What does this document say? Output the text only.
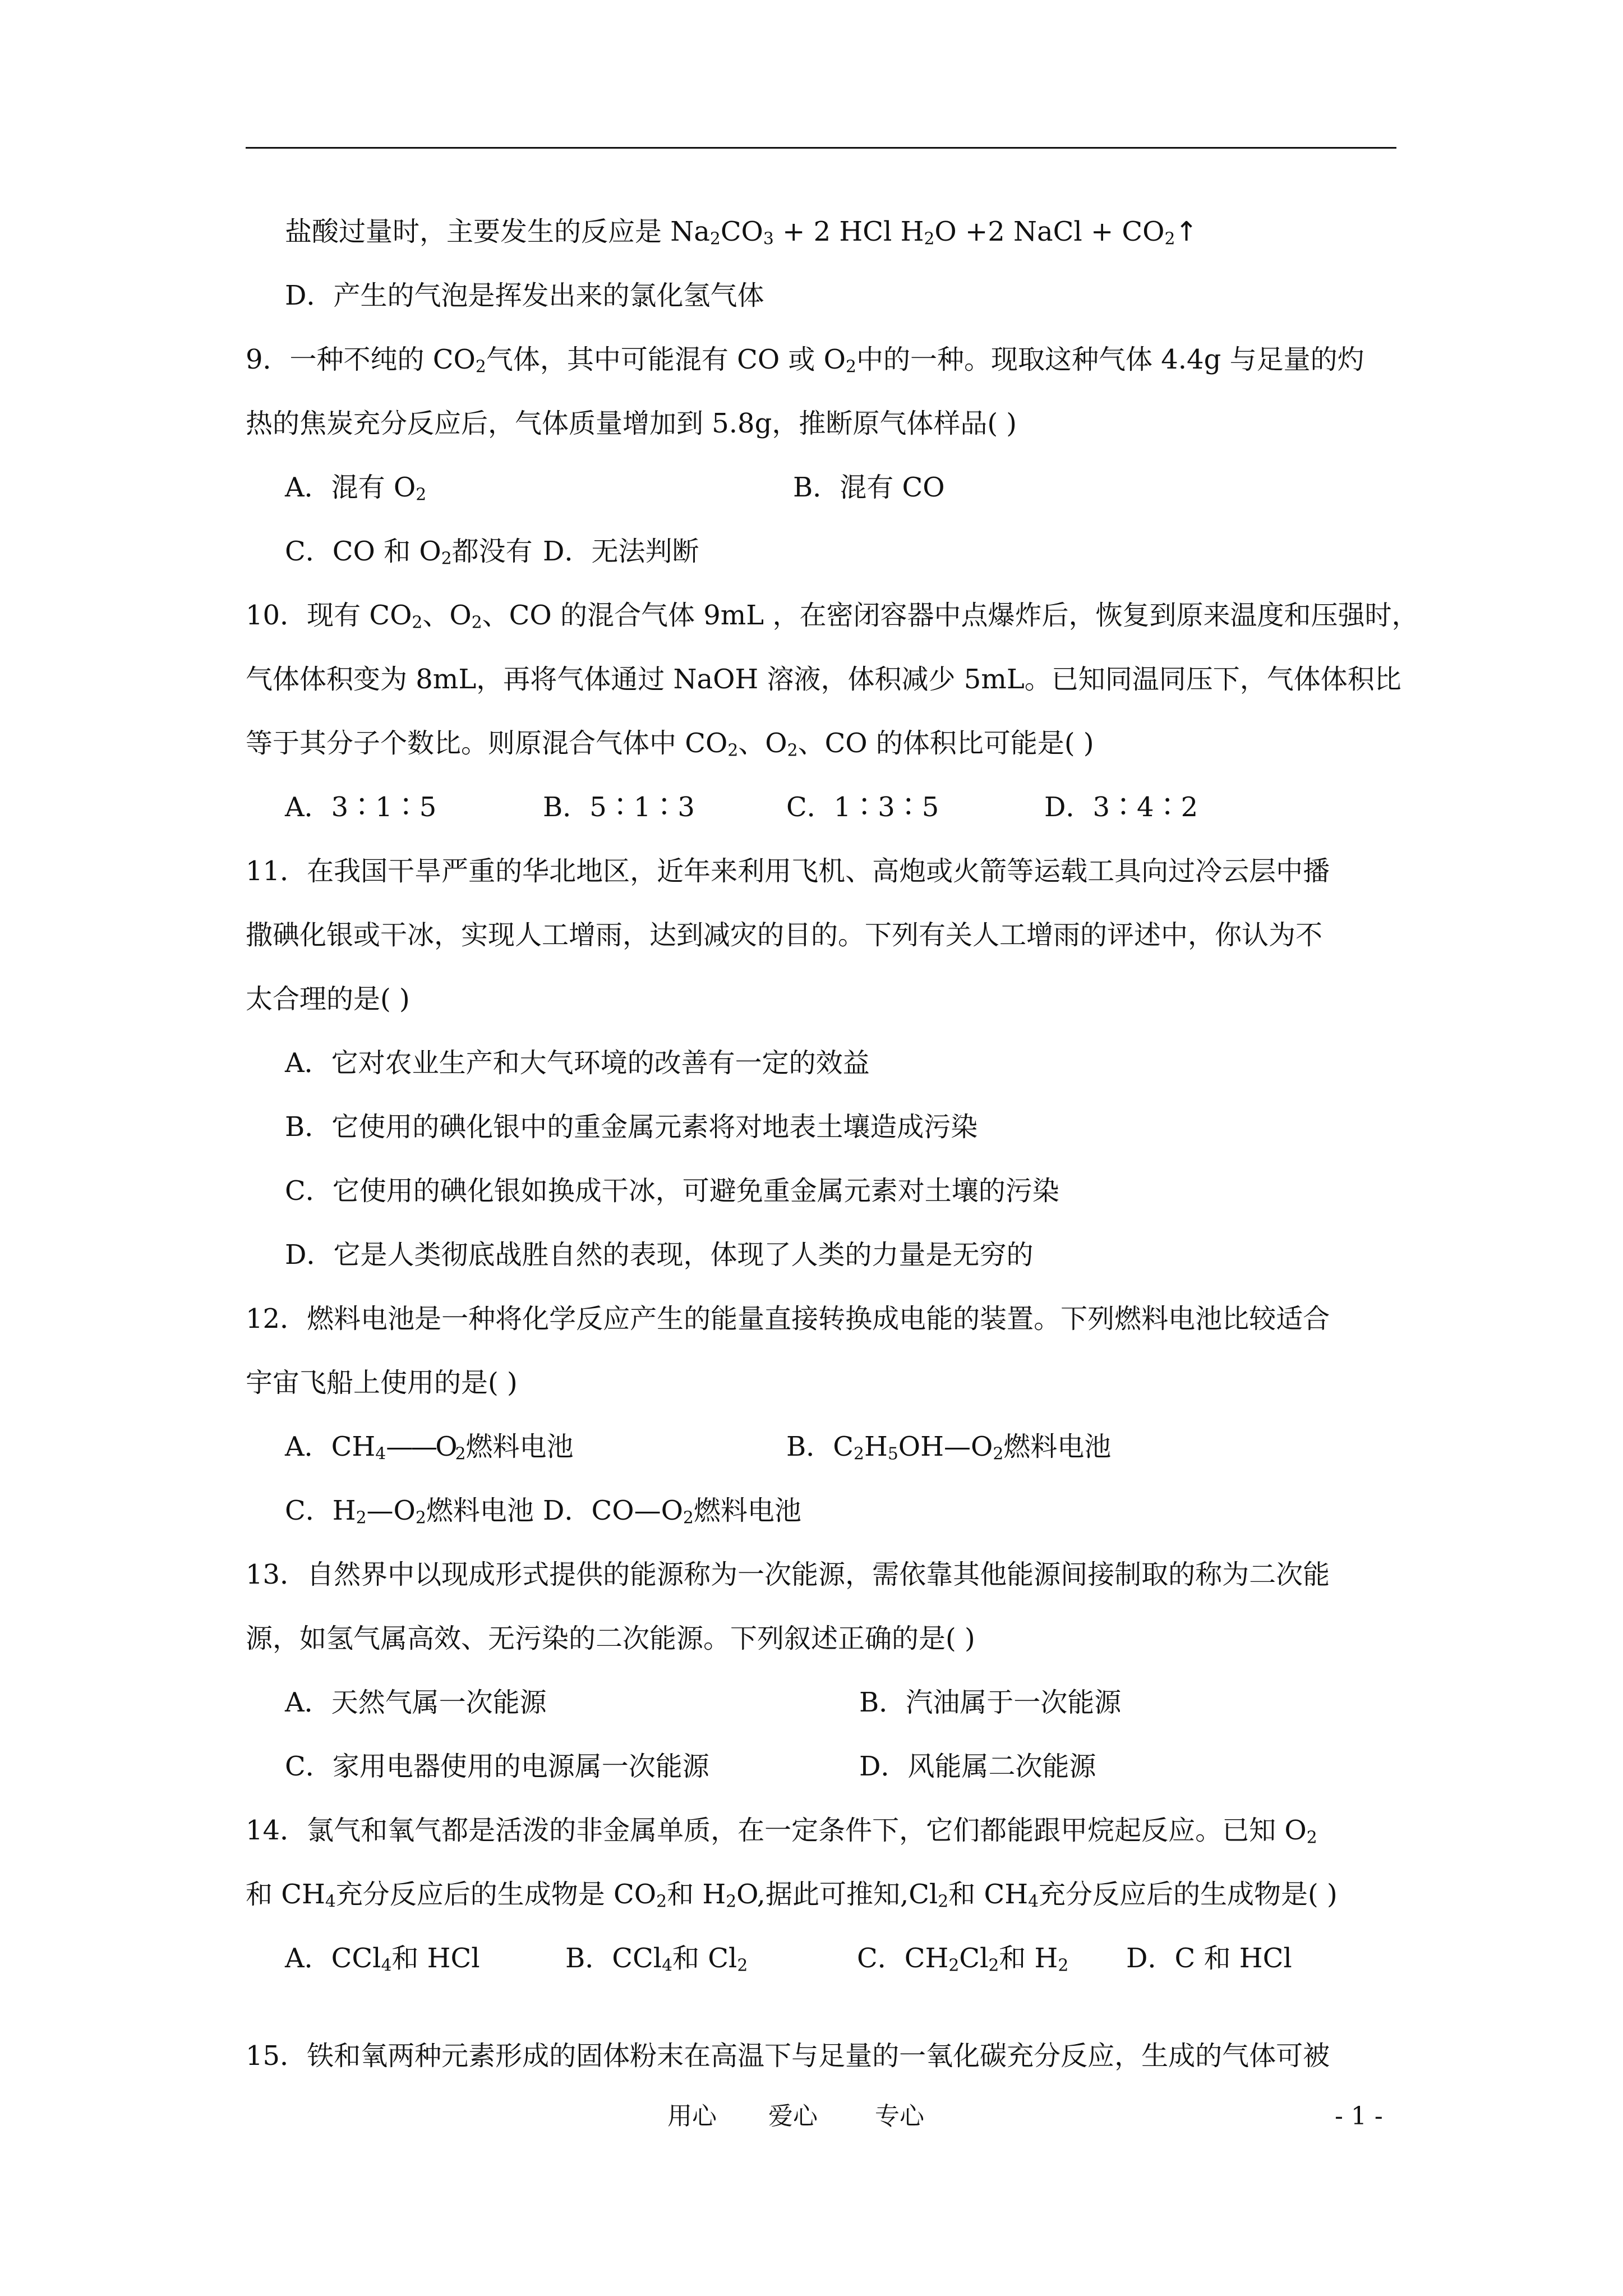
盐酸过量时，主要发生的反应是 $Na_2CO_3 + 2$ HCl $H_2O +2$ NaCl + $CO_2↑$
D．产生的气泡是挥发出来的氯化氢气体
9．一种不纯的 $CO_2$气体，其中可能混有 CO 或 $O_2$中的一种。现取这种气体 4.4g 与足量的灼
热的焦炭充分反应后，气体质量增加到 5.8g，推断原气体样品( )
A．混有 $O_2$	B．混有 CO
C．CO 和 $O_2$都没有 D．无法判断
10．现有 $CO_2$、$O_2$、CO 的混合气体 9mL ，在密闭容器中点爆炸后，恢复到原来温度和压强时，
气体体积变为 8mL，再将气体通过 NaOH 溶液，体积减少 5mL。已知同温同压下，气体体积比
等于其分子个数比。则原混合气体中 $CO_2$、$O_2$、CO 的体积比可能是( )
A．3∶1∶5	B．5∶1∶3	C．1∶3∶5	D．3∶4∶2
11．在我国干旱严重的华北地区，近年来利用飞机、高炮或火箭等运载工具向过冷云层中播
撒碘化银或干冰，实现人工增雨，达到减灾的目的。下列有关人工增雨的评述中，你认为不
太合理的是( )
A．它对农业生产和大气环境的改善有一定的效益
B．它使用的碘化银中的重金属元素将对地表土壤造成污染
C．它使用的碘化银如换成干冰，可避免重金属元素对土壤的污染
D．它是人类彻底战胜自然的表现，体现了人类的力量是无穷的
12．燃料电池是一种将化学反应产生的能量直接转换成电能的装置。下列燃料电池比较适合
宇宙飞船上使用的是( )
A．$CH_4——O_2$燃料电池	B．$C_2H_5OH—O_2$燃料电池
C．$H_2—O_2$燃料电池 D．$CO—O_2$燃料电池
13．自然界中以现成形式提供的能源称为一次能源，需依靠其他能源间接制取的称为二次能
源，如氢气属高效、无污染的二次能源。下列叙述正确的是( )
A．天然气属一次能源	B．汽油属于一次能源
C．家用电器使用的电源属一次能源	D．风能属二次能源
14．氯气和氧气都是活泼的非金属单质，在一定条件下，它们都能跟甲烷起反应。已知 $O_2$
和 $CH_4$充分反应后的生成物是 $CO_2$和 $H_2O$,据此可推知$,Cl_2$和 $CH_4$充分反应后的生成物是( )
A．CCl$_4$和 HCl	B．CCl$_4$和 $Cl_2$	C．$CH_2Cl_2$和 $H_2$ D．C 和 HCl
15．铁和氧两种元素形成的固体粉末在高温下与足量的一氧化碳充分反应，生成的气体可被
用心 爱心 专心	- 1 -
